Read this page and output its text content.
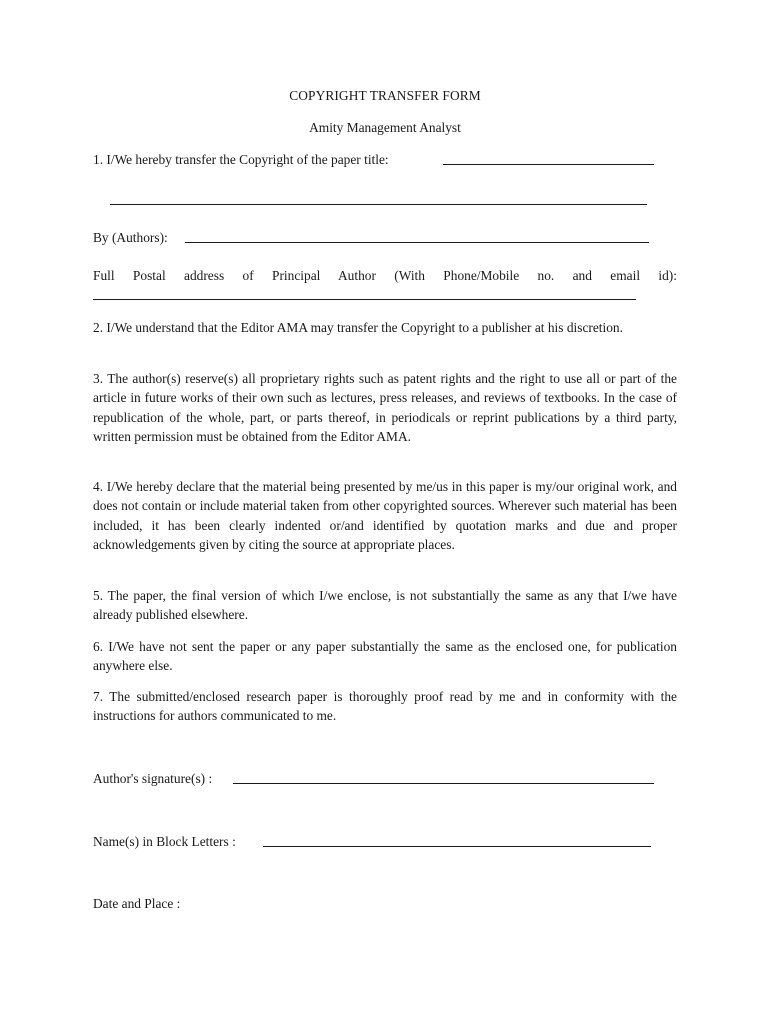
COPYRIGHT TRANSFER FORM
Amity Management Analyst
1. I/We hereby transfer the Copyright of the paper title:
By (Authors):
Full Postal address of Principal Author (With Phone/Mobile no. and email id):

2. I/We understand that the Editor AMA may transfer the Copyright to a publisher at his discretion.

3. The author(s) reserve(s) all proprietary rights such as patent rights and the right to use all or part of the article in future works of their own such as lectures, press releases, and reviews of textbooks. In the case of republication of the whole, part, or parts thereof, in periodicals or reprint publications by a third party, written permission must be obtained from the Editor AMA.

4. I/We hereby declare that the material being presented by me/us in this paper is my/our original work, and does not contain or include material taken from other copyrighted sources. Wherever such material has been included, it has been clearly indented or/and identified by quotation marks and due and proper acknowledgements given by citing the source at appropriate places.

5. The paper, the final version of which I/we enclose, is not substantially the same as any that I/we have already published elsewhere.

6. I/We have not sent the paper or any paper substantially the same as the enclosed one, for publication anywhere else.

7. The submitted/enclosed research paper is thoroughly proof read by me and in conformity with the instructions for authors communicated to me.

Author's signature(s) :
Name(s) in Block Letters :
Date and Place :
